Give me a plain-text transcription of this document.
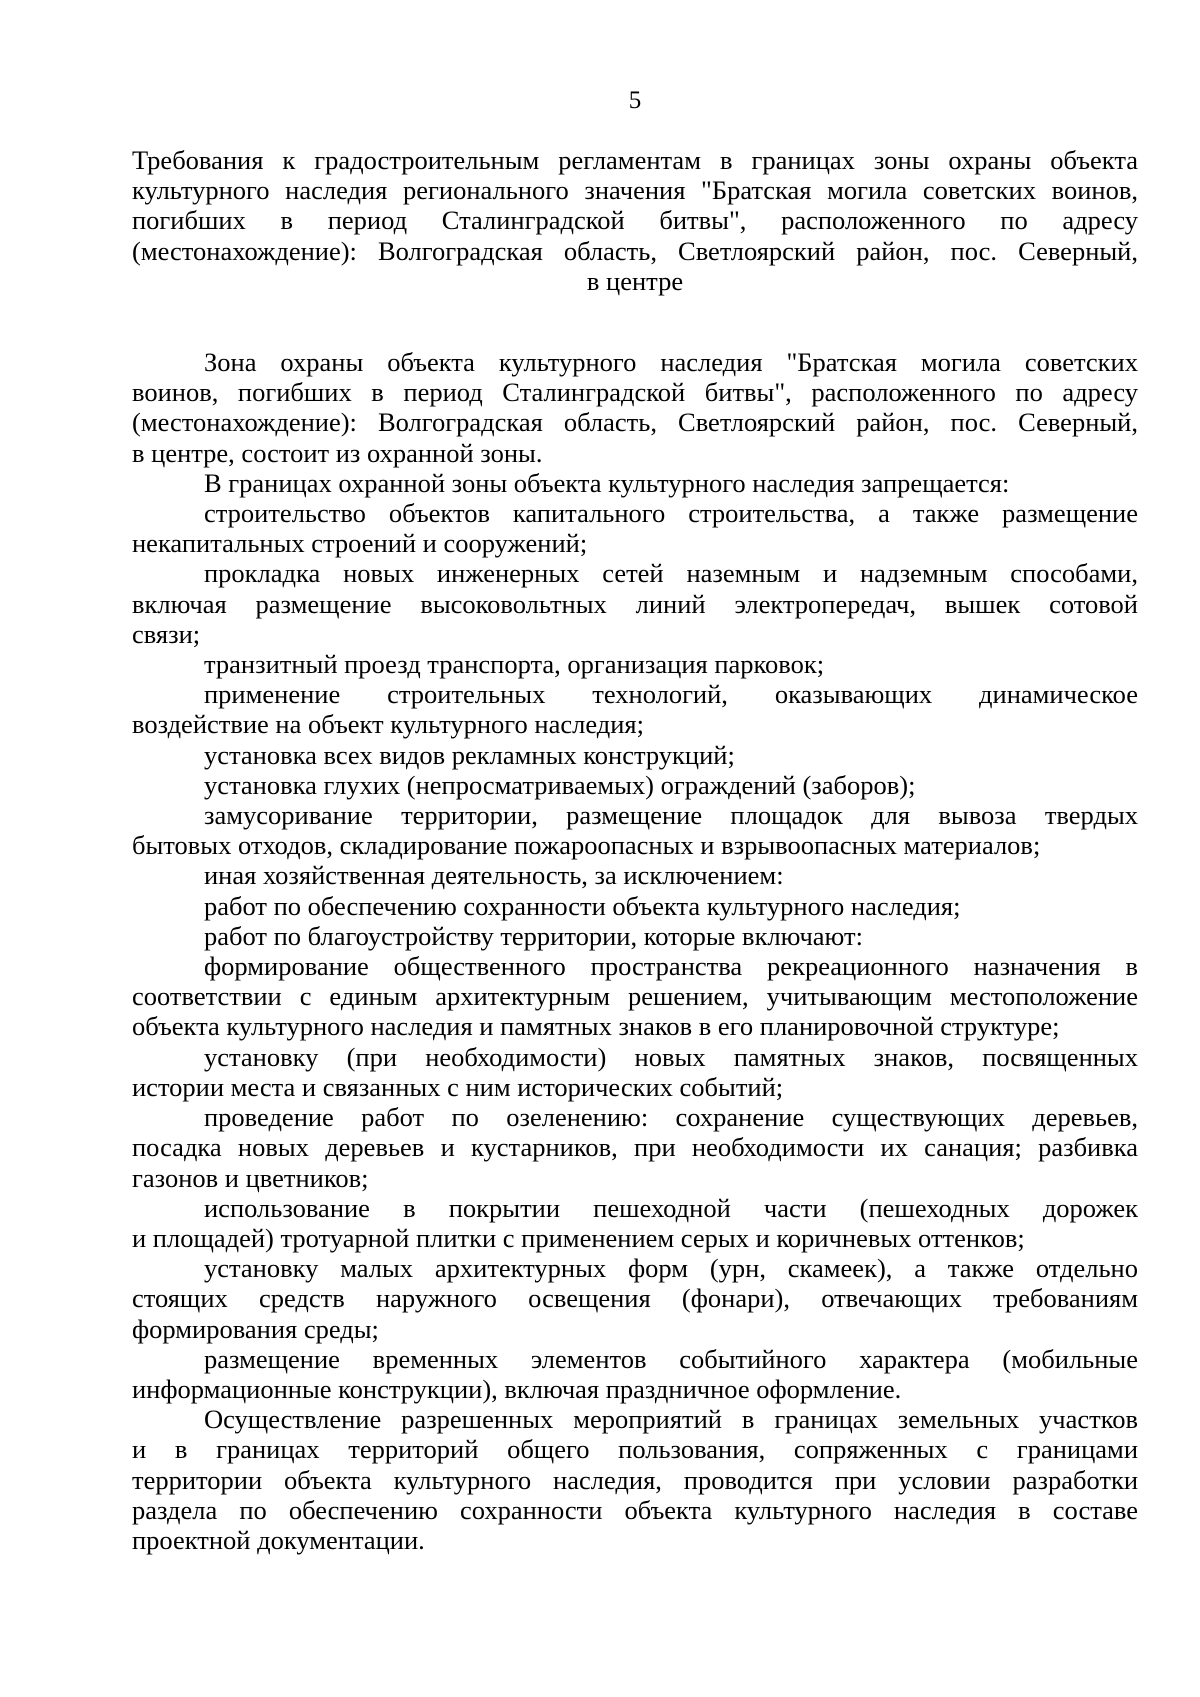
5

Требования к градостроительным регламентам в границах зоны охраны объекта

культурного наследия регионального значения "Братская могила советских воинов,

погибших в период Сталинградской битвы", расположенного по адресу

(местонахождение): Волгоградская область, Светлоярский район, пос. Северный,

в центре

Зона охраны объекта культурного наследия "Братская могила советских
воинов, погибших в период Сталинградской битвы", расположенного по адресу
(местонахождение): Волгоградская область, Светлоярский район, пос. Северный,
в центре, состоит из охранной зоны.
В границах охранной зоны объекта культурного наследия запрещается:
строительство объектов капитального строительства, а также размещение
некапитальных строений и сооружений;
прокладка новых инженерных сетей наземным и надземным способами,
включая размещение высоковольтных линий электропередач, вышек сотовой
связи;
транзитный проезд транспорта, организация парковок;
применение строительных технологий, оказывающих динамическое
воздействие на объект культурного наследия;
установка всех видов рекламных конструкций;
установка глухих (непросматриваемых) ограждений (заборов);
замусоривание территории, размещение площадок для вывоза твердых
бытовых отходов, складирование пожароопасных и взрывоопасных материалов;
иная хозяйственная деятельность, за исключением:
работ по обеспечению сохранности объекта культурного наследия;
работ по благоустройству территории, которые включают:
формирование общественного пространства рекреационного назначения в
соответствии с единым архитектурным решением, учитывающим местоположение
объекта культурного наследия и памятных знаков в его планировочной структуре;
установку (при необходимости) новых памятных знаков, посвященных
истории места и связанных с ним исторических событий;
проведение работ по озеленению: сохранение существующих деревьев,
посадка новых деревьев и кустарников, при необходимости их санация; разбивка
газонов и цветников;
использование в покрытии пешеходной части (пешеходных дорожек
и площадей) тротуарной плитки с применением серых и коричневых оттенков;
установку малых архитектурных форм (урн, скамеек), а также отдельно
стоящих средств наружного освещения (фонари), отвечающих требованиям
формирования среды;
размещение временных элементов событийного характера (мобильные
информационные конструкции), включая праздничное оформление.
Осуществление разрешенных мероприятий в границах земельных участков
и в границах территорий общего пользования, сопряженных с границами
территории объекта культурного наследия, проводится при условии разработки
раздела по обеспечению сохранности объекта культурного наследия в составе
проектной документации.
